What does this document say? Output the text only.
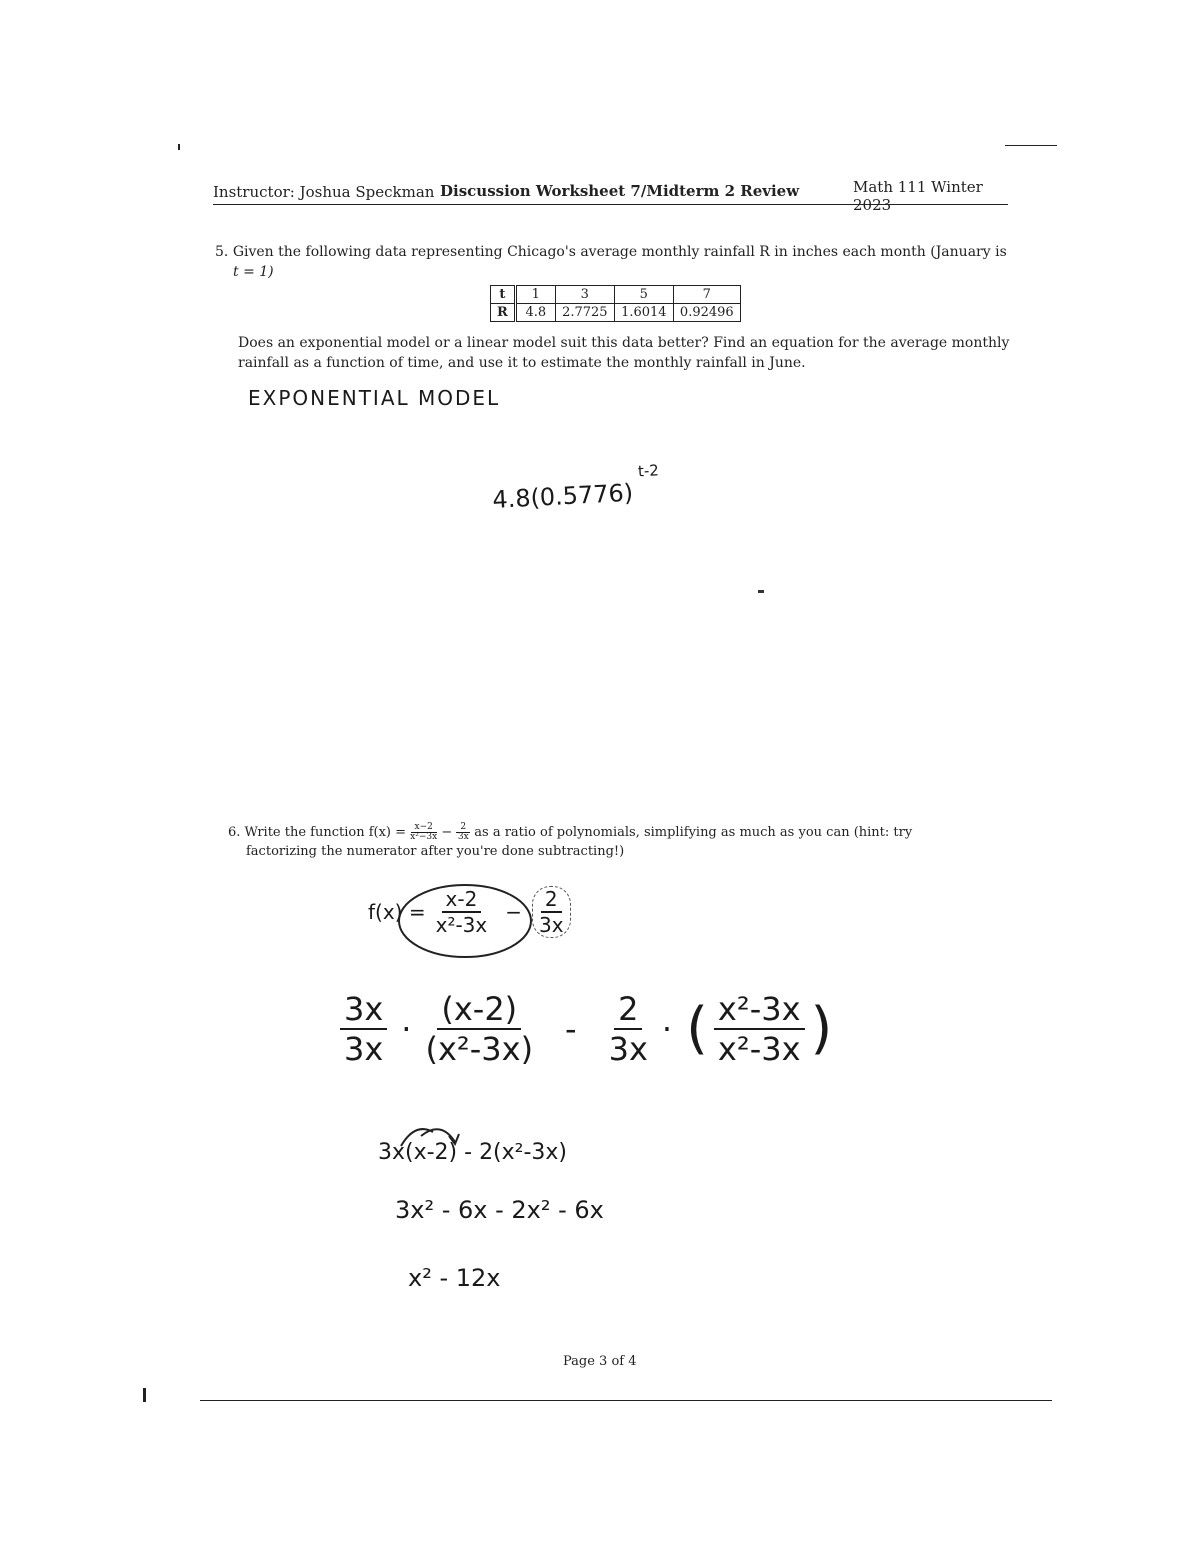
Instructor: Joshua Speckman Discussion Worksheet 7/Midterm 2 Review	Math 111 Winter 2023
5. Given the following data representing Chicago's average monthly rainfall R in inches each month (January is
t = 1)
t	1	3	5	7
R	4.8	2.7725	1.6014	0.92496
Does an exponential model or a linear model suit this data better? Find an equation for the average monthly
rainfall as a function of time, and use it to estimate the monthly rainfall in June.
EXPONENTIAL MODEL
$4.8(0.5776)^{t-2}$
6. Write the function $f(x) = \frac{x-2}{\text{x²−3x}} - \frac{2}{3x}$ as a ratio of polynomials, simplifying as much as you can (hint: try
factorizing the numerator after you're done subtracting!)
$f(x) = \frac{x-2}{\text{x²-3x}} - \frac{2}{3x}$
$\frac{3x}{3x} \cdot \frac{(x-2)}{\text{(x²-3x)}} - \frac{2}{3x}$ · ( $\frac{\text{x²-3x}}{\text{x²-3x}}$ )
3x(x-2) - 2(x²-3x)
3x² - 6x - 2x² - 6x
x² - 12x
Page 3 of 4
